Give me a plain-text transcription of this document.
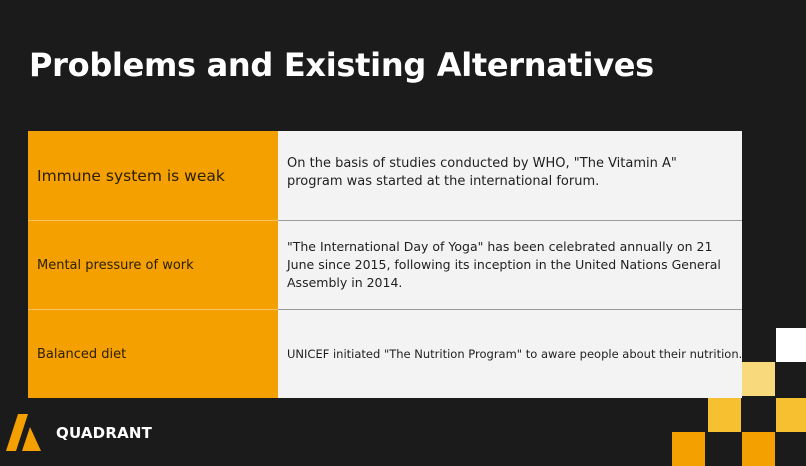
Problems and Existing Alternatives
Immune system is weak
On the basis of studies conducted by WHO, "The Vitamin A" program was started at the international forum.
Mental pressure of work
"The International Day of Yoga" has been celebrated annually on 21 June since 2015, following its inception in the United Nations General Assembly in 2014.
Balanced diet	UNICEF initiated "The Nutrition Program" to aware people about their nutrition.
QUADRANT
